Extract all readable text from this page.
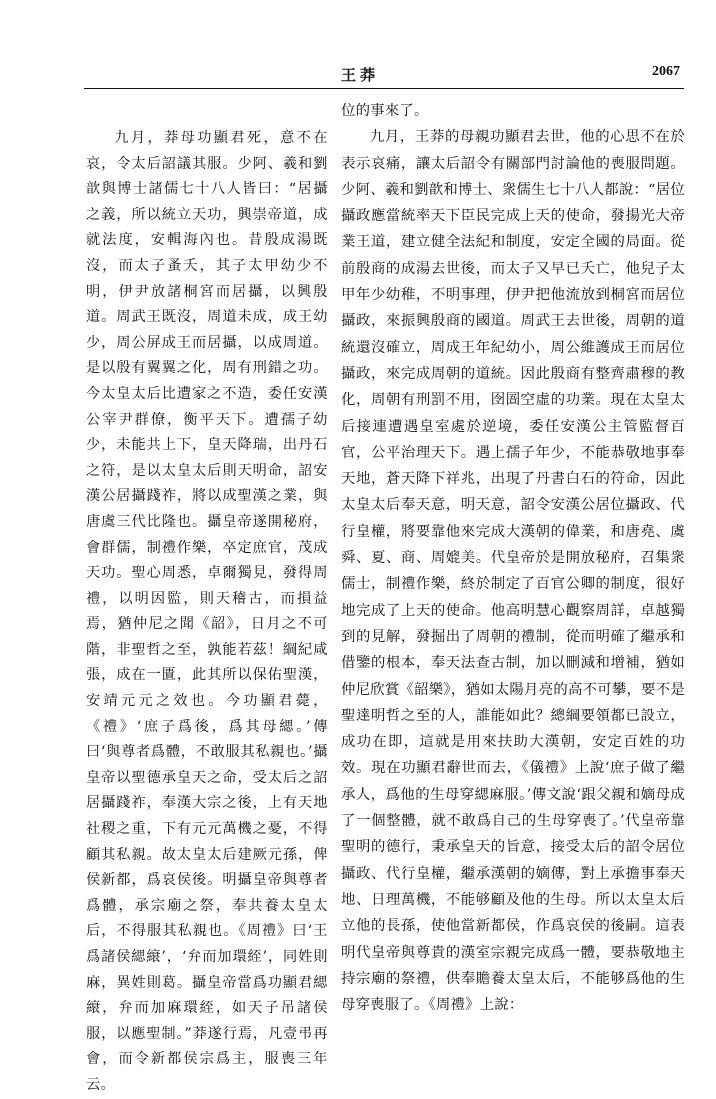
王莽	2067

九月，莽母功顯君死，意不在哀，令太后詔議其服。少阿、羲和劉歆與博士諸儒七十八人皆曰：“居攝之義，所以統立天功，興崇帝道，成就法度，安輯海內也。昔殷成湯既沒，而太子蚤夭，其子太甲幼少不明，伊尹放諸桐宮而居攝，以興殷道。周武王既沒，周道未成，成王幼少，周公屏成王而居攝，以成周道。是以殷有翼翼之化，周有刑錯之功。今太皇太后比遭家之不造，委任安漢公宰尹群僚，衡平天下。遭孺子幼少，未能共上下，皇天降瑞，出丹石之符，是以太皇太后則天明命，詔安漢公居攝踐祚，將以成聖漢之業，與唐虞三代比隆也。攝皇帝遂開秘府，會群儒，制禮作樂，卒定庶官，茂成天功。聖心周悉，卓爾獨見，發得周禮，以明因監，則天稽古，而損益焉，猶仲尼之聞《韶》，日月之不可階，非聖哲之至，孰能若茲！綱紀咸張，成在一匱，此其所以保佑聖漢，安靖元元之效也。今功顯君薨，《禮》‘庶子爲後，爲其母緦。’傳曰‘與尊者爲體，不敢服其私親也。’攝皇帝以聖德承皇天之命，受太后之詔居攝踐祚，奉漢大宗之後，上有天地社稷之重，下有元元萬機之憂，不得顧其私親。故太皇太后建厥元孫，俾侯新都，爲哀侯後。明攝皇帝與尊者爲體，承宗廟之祭，奉共養太皇太后，不得服其私親也。《周禮》曰‘王爲諸侯緦縗’，‘弁而加環絰’，同姓則麻，異姓則葛。攝皇帝當爲功顯君緦縗，弁而加麻環絰，如天子吊諸侯服，以應聖制。”莽遂行焉，凡壹弔再會，而令新都侯宗爲主，服喪三年云。

位的事來了。

九月，王莽的母親功顯君去世，他的心思不在於表示哀痛，讓太后詔令有關部門討論他的喪服問題。少阿、羲和劉歆和博士、衆儒生七十八人都說：“居位攝政應當統率天下臣民完成上天的使命，發揚光大帝業王道，建立健全法紀和制度，安定全國的局面。從前殷商的成湯去世後，而太子又早已夭亡，他兒子太甲年少幼稚，不明事理，伊尹把他流放到桐宮而居位攝政，來振興殷商的國道。周武王去世後，周朝的道統還沒確立，周成王年紀幼小，周公維護成王而居位攝政，來完成周朝的道統。因此殷商有整齊肅穆的教化，周朝有刑罰不用，囹圄空虛的功業。現在太皇太后接連遭遇皇室處於逆境，委任安漢公主管監督百官，公平治理天下。遇上孺子年少，不能恭敬地事奉天地，蒼天降下祥兆，出現了丹書白石的符命，因此太皇太后奉天意，明天意，詔令安漢公居位攝政、代行皇權，將要靠他來完成大漢朝的偉業，和唐堯、虞舜、夏、商、周媲美。代皇帝於是開放秘府，召集衆儒士，制禮作樂，終於制定了百官公卿的制度，很好地完成了上天的使命。他高明慧心觀察周詳，卓越獨到的見解，發掘出了周朝的禮制，從而明確了繼承和借鑒的根本，奉天法查古制，加以刪減和增補，猶如仲尼欣賞《韶樂》，猶如太陽月亮的高不可攀，要不是聖達明哲之至的人，誰能如此？總綱要領都已設立，成功在即，這就是用來扶助大漢朝，安定百姓的功效。現在功顯君辭世而去，《儀禮》上說‘庶子做了繼承人，爲他的生母穿緦麻服。’傳文說‘跟父親和嫡母成了一個整體，就不敢爲自己的生母穿喪了。’代皇帝靠聖明的德行，秉承皇天的旨意，接受太后的詔令居位攝政、代行皇權，繼承漢朝的嫡傳，對上承擔事奉天地、日理萬機，不能够顧及他的生母。所以太皇太后立他的長孫，使他當新都侯，作爲哀侯的後嗣。這表明代皇帝與尊貴的漢室宗親完成爲一體，要恭敬地主持宗廟的祭禮，供奉贍養太皇太后，不能够爲他的生母穿喪服了。《周禮》上說：
